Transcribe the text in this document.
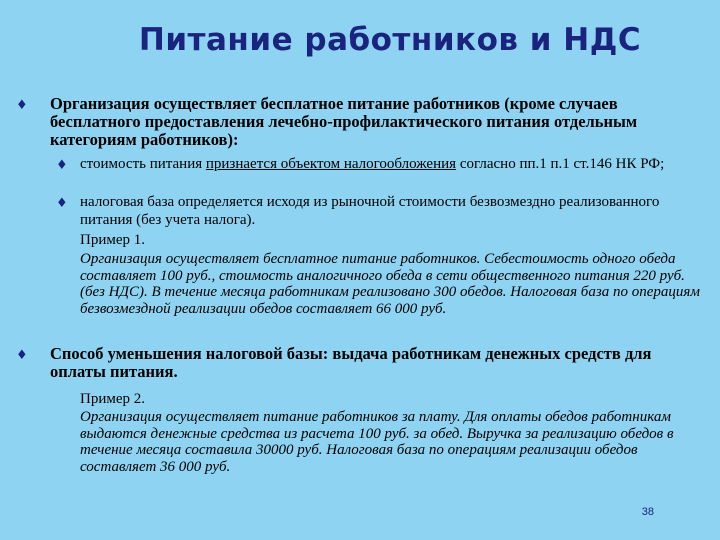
Питание работников и НДС
♦ Организация осуществляет бесплатное питание работников (кроме случаев бесплатного предоставления лечебно-профилактического питания отдельным категориям работников):
♦ стоимость питания признается объектом налогообложения согласно пп.1 п.1 ст.146 НК РФ;
♦ налоговая база определяется исходя из рыночной стоимости безвозмездно реализованного питания (без учета налога).
Пример 1.
Организация осуществляет бесплатное питание работников. Себестоимость одного обеда составляет 100 руб., стоимость аналогичного обеда в сети общественного питания 220 руб. (без НДС). В течение месяца работникам реализовано 300 обедов. Налоговая база по операциям безвозмездной реализации обедов составляет 66 000 руб.
♦ Способ уменьшения налоговой базы: выдача работникам денежных средств для оплаты питания.
Пример 2.
Организация осуществляет питание работников за плату. Для оплаты обедов работникам выдаются денежные средства из расчета 100 руб. за обед. Выручка за реализацию обедов в течение месяца составила 30000 руб. Налоговая база по операциям реализации обедов составляет 36 000 руб.
38
